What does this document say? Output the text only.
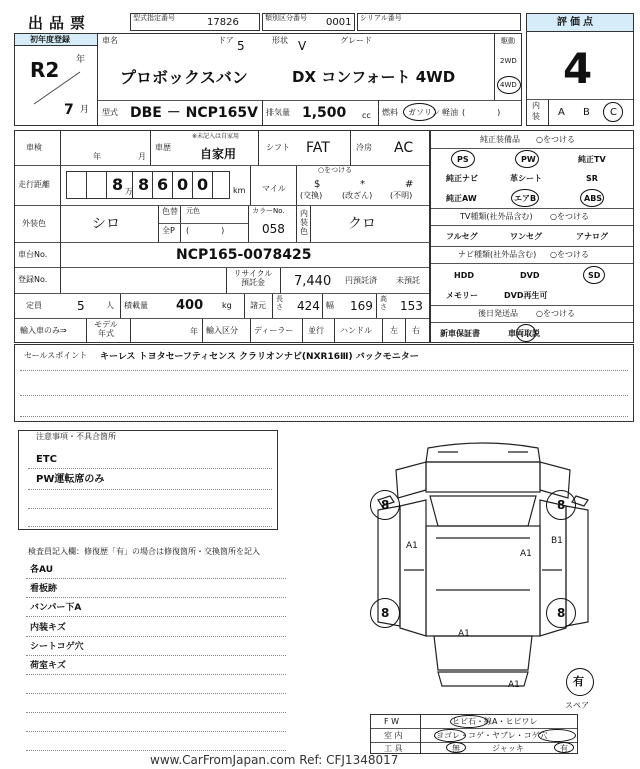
出品票	型式指定番号	17826	類別区分番号 0001 シリアル番号	評価点
4
内
装 A B C
初年度登録
R2 年
7 月
車名	ドア 5	形状 V	グレード
プロボックスバン	DX コンフォート 4WD
駆動
2WD
4WD
型式 DBE － NCP165V 排気量 1,500 cc 燃料 ガソリン 軽油 (　　　　)
車検
年	月
車歴
※未記入は自家用
自家用	シフト FAT	冷房 AC
走行距離	8 万 8 6 0 0	km マイル
○をつける
$
(交換)
*
(改ざん)
#
(不明)
外装色	シロ
色替
全P
元色
(　　　　)
カラーNo.
058
内装色	クロ
車台No.	NCP165-0078425
登録No.
リサイクル預託金	7,440 円預託済 未預託
定員	5	人 積載量 400 kg 諸元
長さ 424 幅 169 高さ 153
輸入車のみ⇒
モデル年式	年 輸入区分 ディーラー 並行 ハンドル 左 右
純正装備品 ○をつける
PS	PW	純正TV
純正ナビ	革シート	SR
純正AW	エアB	ABS
TV種類(社外品含む) ○をつける
フルセグ	ワンセグ	アナログ
ナビ種類(社外品含む) ○をつける
HDD	DVD	SD
メモリー	DVD再生可
後日発送品 ○をつける
新車保証書	車両取説
セールスポイント キーレス トヨタセーフティセンス クラリオンナビ(NXR16Ⅲ) バックモニター
注意事項・不具合箇所
ETC
PW運転席のみ
検査員記入欄：修復歴「有」の場合は修復箇所・交換箇所を記入
各AU
看板跡
バンパー下A
内装キズ
シートコゲ穴
荷室キズ
8	8
8	8
A1
A1
B1
A1
A1	有
スペア
F W	ヒビ石・線A・ヒビワレ
室 内	ヨゴレ・コゲ・ヤブレ・コゲ穴
工 具	無	ジャッキ	有
www.CarFromJapan.com Ref: CFJ1348017
